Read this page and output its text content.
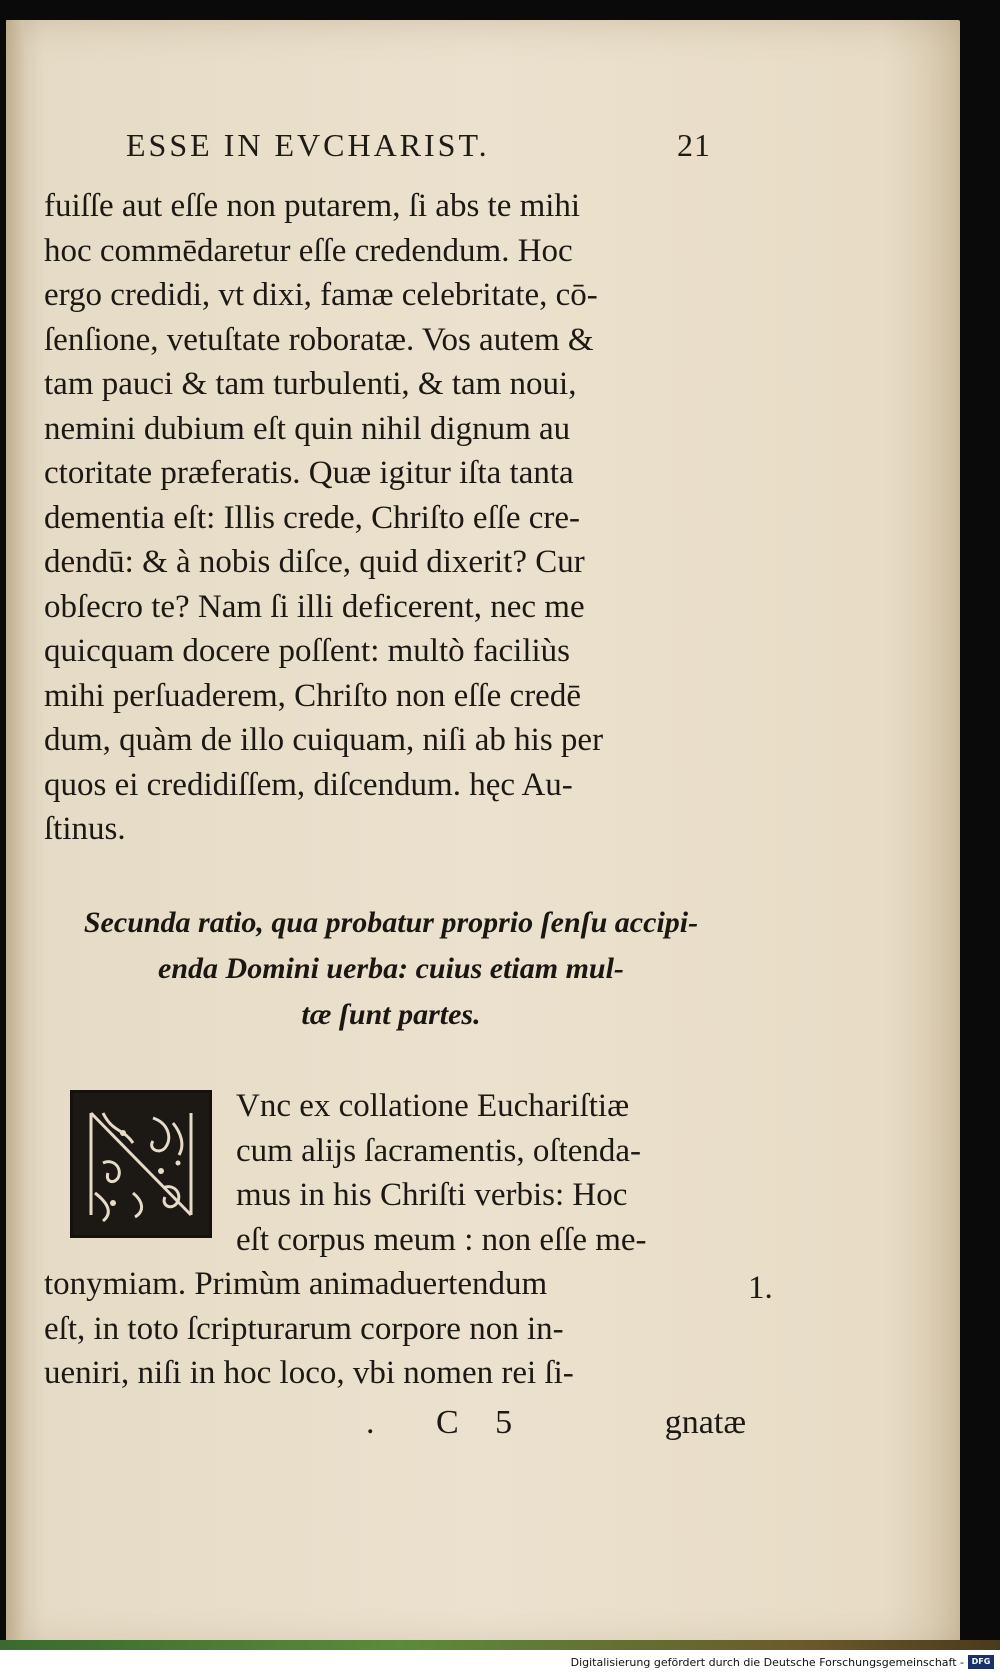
ESSE IN EVCHARIST.	21
fuiſſe aut eſſe non putarem, ſi abs te mihi
hoc commēdaretur eſſe credendum. Hoc
ergo credidi, vt dixi, famæ celebritate, cō-
ſenſione, vetuſtate roboratæ. Vos autem &
tam pauci & tam turbulenti, & tam noui,
nemini dubium eſt quin nihil dignum au
ctoritate præferatis. Quæ igitur iſta tanta
dementia eſt: Illis crede, Chriſto eſſe cre-
dendū: & à nobis diſce, quid dixerit? Cur
obſecro te? Nam ſi illi deficerent, nec me
quicquam docere poſſent: multò faciliùs
mihi perſuaderem, Chriſto non eſſe credē
dum, quàm de illo cuiquam, niſi ab his per
quos ei credidiſſem, diſcendum. hęc Au-
ſtinus.
Secunda ratio, qua probatur proprio ſenſu accipi-
enda Domini uerba: cuius etiam mul-
tæ ſunt partes.
Vnc ex collatione Euchariſtiæ
cum alijs ſacramentis, oſtenda-
mus in his Chriſti verbis: Hoc
eſt corpus meum : non eſſe me-
tonymiam. Primùm animaduertendum
eſt, in toto ſcripturarum corpore non in-
ueniri, niſi in hoc loco, vbi nomen rei ſi-
1.
.	C 5	gnatæ
Digitalisierung gefördert durch die Deutsche Forschungsgemeinschaft - DFG
